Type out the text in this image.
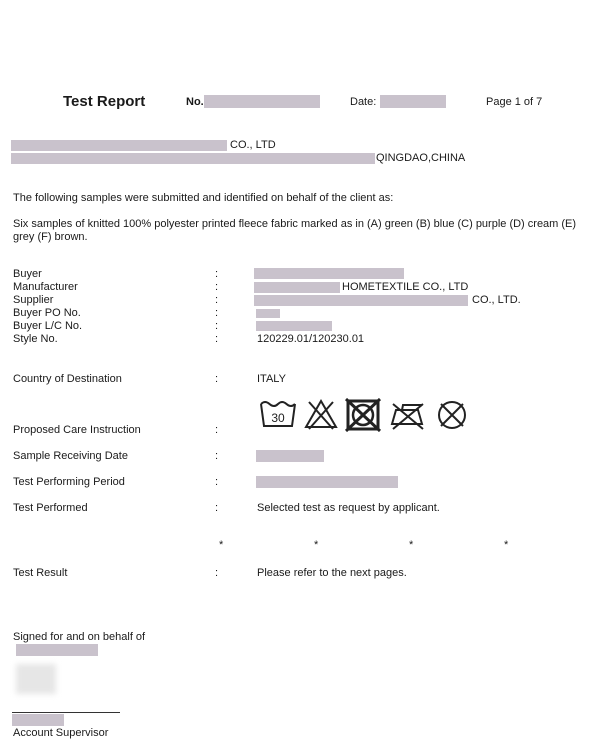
Test Report	No.	Date:	Page 1 of 7
CO., LTD
QINGDAO,CHINA
The following samples were submitted and identified on behalf of the client as:
Six samples of knitted 100% polyester printed fleece fabric marked as in (A) green (B) blue (C) purple (D) cream (E) grey (F) brown.
Buyer	:
Manufacturer	:	HOMETEXTILE CO., LTD
Supplier	:	CO., LTD.
Buyer PO No.	:
Buyer L/C No.	:
Style No.	:	120229.01/120230.01
Country of Destination	:	ITALY
30
Proposed Care Instruction	:
Sample Receiving Date	:
Test Performing Period	:
Test Performed	:	Selected test as request by applicant.
*	*	*	*
Test Result	:	Please refer to the next pages.
Signed for and on behalf of
Account Supervisor
